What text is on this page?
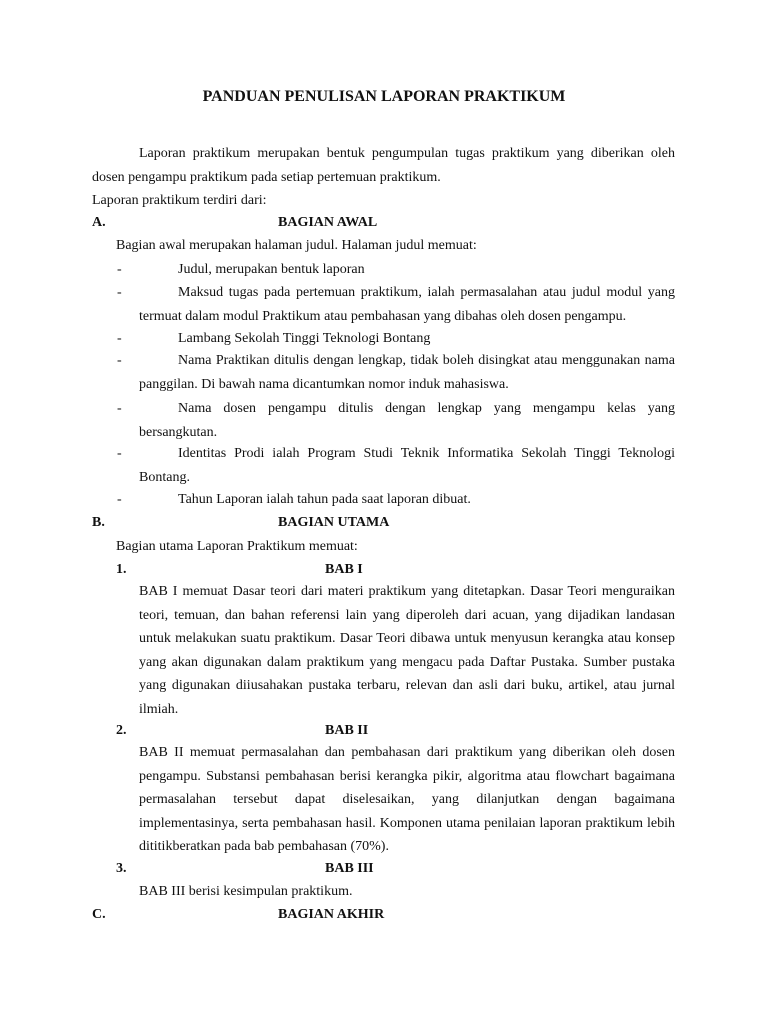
PANDUAN PENULISAN LAPORAN PRAKTIKUM
Laporan praktikum merupakan bentuk pengumpulan tugas praktikum yang diberikan oleh dosen pengampu praktikum pada setiap pertemuan praktikum.
Laporan praktikum terdiri dari:
A.	BAGIAN AWAL
Bagian awal merupakan halaman judul. Halaman judul memuat:
-	Judul, merupakan bentuk laporan
-	Maksud tugas pada pertemuan praktikum, ialah permasalahan atau judul modul yang termuat dalam modul Praktikum atau pembahasan yang dibahas oleh dosen pengampu.
-	Lambang Sekolah Tinggi Teknologi Bontang
-	Nama Praktikan ditulis dengan lengkap, tidak boleh disingkat atau menggunakan nama panggilan. Di bawah nama dicantumkan nomor induk mahasiswa.
-	Nama dosen pengampu ditulis dengan lengkap yang mengampu kelas yang bersangkutan.
-	Identitas Prodi ialah Program Studi Teknik Informatika Sekolah Tinggi Teknologi Bontang.
-	Tahun Laporan ialah tahun pada saat laporan dibuat.
B.	BAGIAN UTAMA
Bagian utama Laporan Praktikum memuat:
1.	BAB I
BAB I memuat Dasar teori dari materi praktikum yang ditetapkan. Dasar Teori menguraikan teori, temuan, dan bahan referensi lain yang diperoleh dari acuan, yang dijadikan landasan untuk melakukan suatu praktikum. Dasar Teori dibawa untuk menyusun kerangka atau konsep yang akan digunakan dalam praktikum yang mengacu pada Daftar Pustaka. Sumber pustaka yang digunakan diiusahakan pustaka terbaru, relevan dan asli dari buku, artikel, atau jurnal ilmiah.
2.	BAB II
BAB II memuat permasalahan dan pembahasan dari praktikum yang diberikan oleh dosen pengampu. Substansi pembahasan berisi kerangka pikir, algoritma atau flowchart bagaimana permasalahan tersebut dapat diselesaikan, yang dilanjutkan dengan bagaimana implementasinya, serta pembahasan hasil. Komponen utama penilaian laporan praktikum lebih dititikberatkan pada bab pembahasan (70%).
3.	BAB III
BAB III berisi kesimpulan praktikum.
C.	BAGIAN AKHIR
